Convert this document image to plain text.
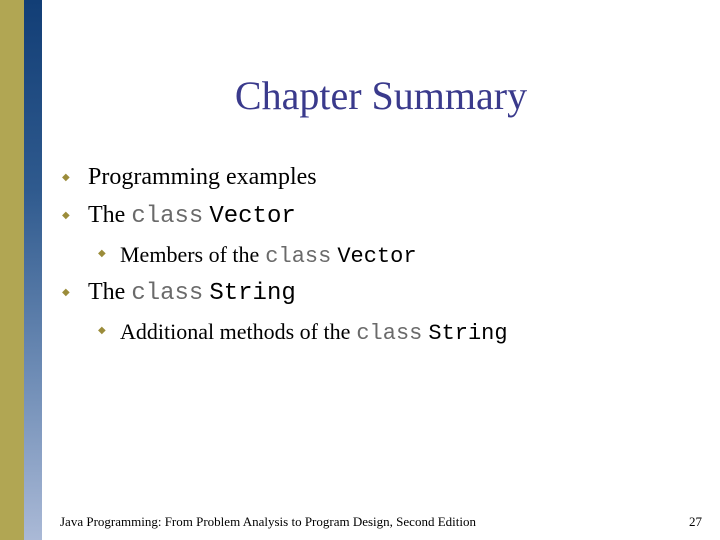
Chapter Summary
◆ Programming examples
◆ The class Vector
◆ Members of the class Vector
◆ The class String
◆ Additional methods of the class String
Java Programming: From Problem Analysis to Program Design, Second Edition	27
